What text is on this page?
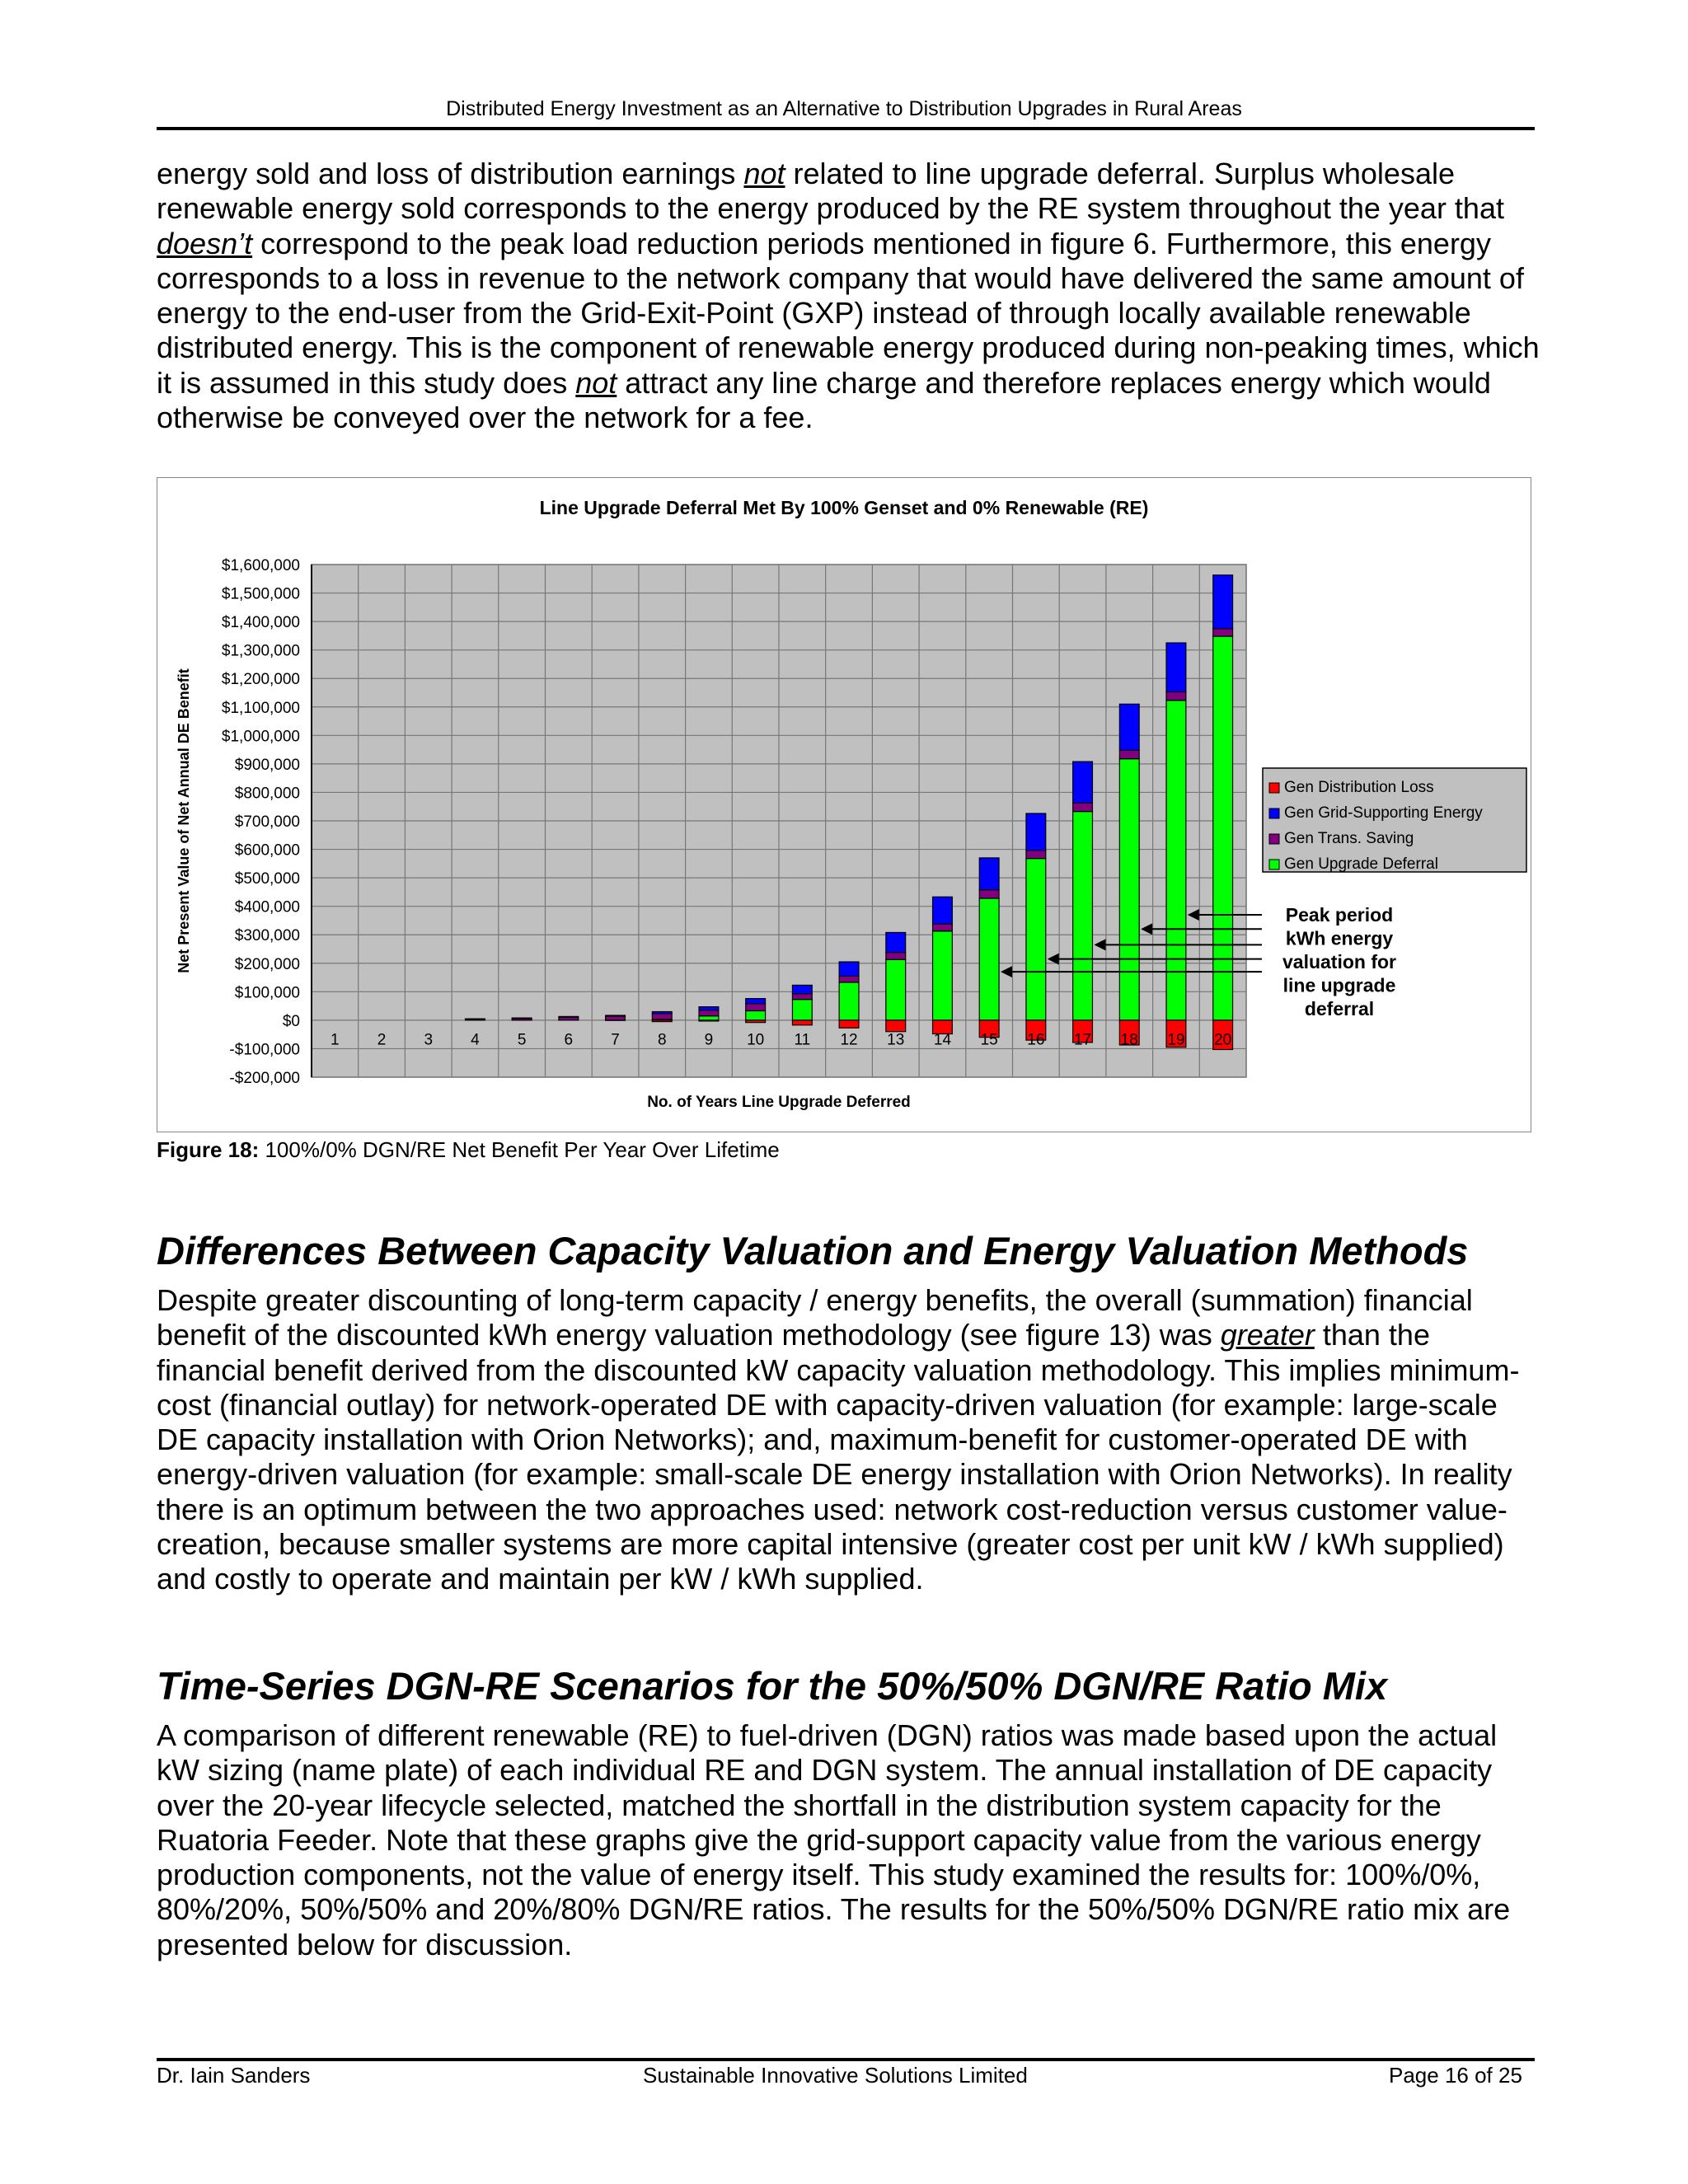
Distributed Energy Investment as an Alternative to Distribution Upgrades in Rural Areas
energy sold and loss of distribution earnings not related to line upgrade deferral. Surplus wholesale renewable energy sold corresponds to the energy produced by the RE system throughout the year that doesn’t correspond to the peak load reduction periods mentioned in figure 6. Furthermore, this energy corresponds to a loss in revenue to the network company that would have delivered the same amount of energy to the end-user from the Grid-Exit-Point (GXP) instead of through locally available renewable distributed energy. This is the component of renewable energy produced during non-peaking times, which it is assumed in this study does not attract any line charge and therefore replaces energy which would otherwise be conveyed over the network for a fee.
Line Upgrade Deferral Met By 100% Genset and 0% Renewable (RE)
Net Present Value of Net Annual DE Benefit
No. of Years Line Upgrade Deferred
$1,600,000
$1,500,000
$1,400,000
$1,300,000
$1,200,000
$1,100,000
$1,000,000
$900,000
$800,000
$700,000
$600,000
$500,000
$400,000
$300,000
$200,000
$100,000
$0
-$100,000
-$200,000
1 2 3 4 5 6 7 8 9 10 11 12 13 14 15 16 17 18 19 20
Gen Distribution Loss
Gen Grid-Supporting Energy
Gen Trans. Saving
Gen Upgrade Deferral
Peak period
kWh energy
valuation for
line upgrade
deferral
Figure 18: 100%/0% DGN/RE Net Benefit Per Year Over Lifetime
Differences Between Capacity Valuation and Energy Valuation Methods
Despite greater discounting of long-term capacity / energy benefits, the overall (summation) financial benefit of the discounted kWh energy valuation methodology (see figure 13) was greater than the financial benefit derived from the discounted kW capacity valuation methodology. This implies minimum-cost (financial outlay) for network-operated DE with capacity-driven valuation (for example: large-scale DE capacity installation with Orion Networks); and, maximum-benefit for customer-operated DE with energy-driven valuation (for example: small-scale DE energy installation with Orion Networks). In reality there is an optimum between the two approaches used: network cost-reduction versus customer value-creation, because smaller systems are more capital intensive (greater cost per unit kW / kWh supplied) and costly to operate and maintain per kW / kWh supplied.
Time-Series DGN-RE Scenarios for the 50%/50% DGN/RE Ratio Mix
A comparison of different renewable (RE) to fuel-driven (DGN) ratios was made based upon the actual kW sizing (name plate) of each individual RE and DGN system. The annual installation of DE capacity over the 20-year lifecycle selected, matched the shortfall in the distribution system capacity for the Ruatoria Feeder. Note that these graphs give the grid-support capacity value from the various energy production components, not the value of energy itself. This study examined the results for: 100%/0%, 80%/20%, 50%/50% and 20%/80% DGN/RE ratios. The results for the 50%/50% DGN/RE ratio mix are presented below for discussion.
Dr. Iain Sanders	Sustainable Innovative Solutions Limited	Page 16 of 25
